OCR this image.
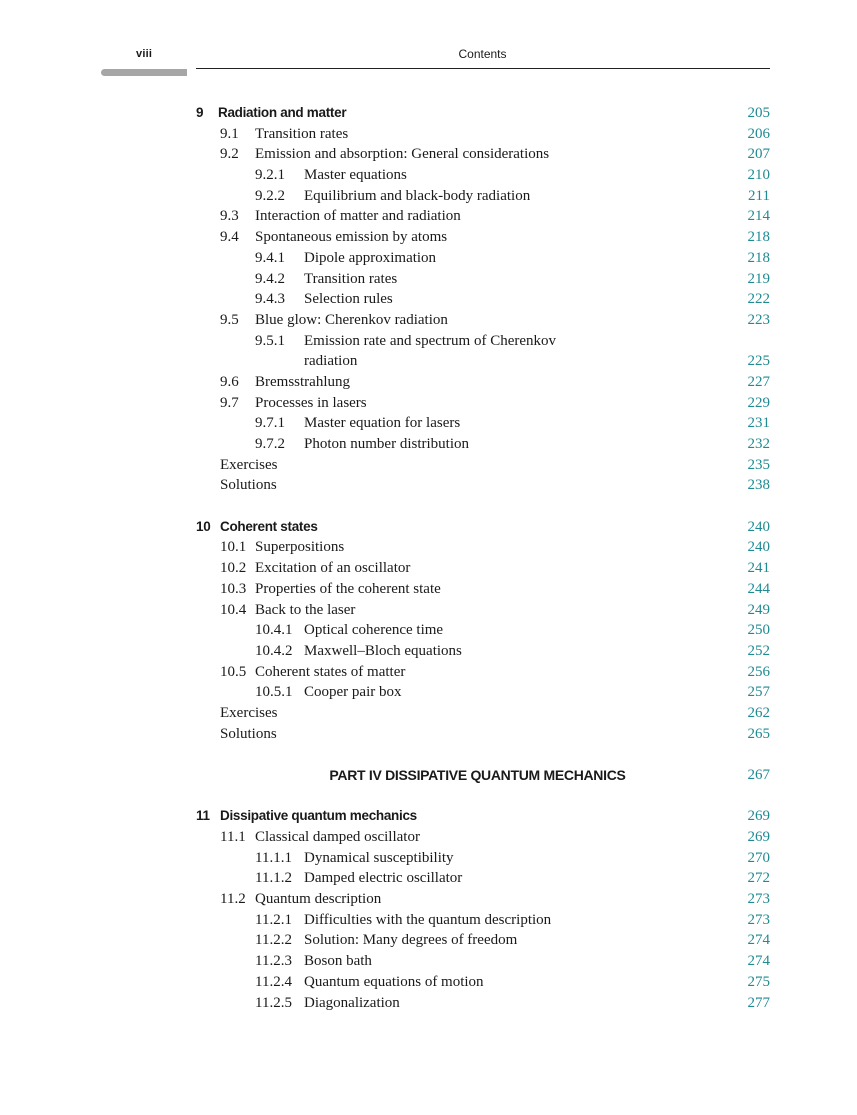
viii	Contents
9 Radiation and matter	205
9.1 Transition rates	206
9.2 Emission and absorption: General considerations	207
9.2.1 Master equations	210
9.2.2 Equilibrium and black-body radiation	211
9.3 Interaction of matter and radiation	214
9.4 Spontaneous emission by atoms	218
9.4.1 Dipole approximation	218
9.4.2 Transition rates	219
9.4.3 Selection rules	222
9.5 Blue glow: Cherenkov radiation	223
9.5.1 Emission rate and spectrum of Cherenkov
radiation	225
9.6 Bremsstrahlung	227
9.7 Processes in lasers	229
9.7.1 Master equation for lasers	231
9.7.2 Photon number distribution	232
Exercises	235
Solutions	238
10 Coherent states	240
10.1 Superpositions	240
10.2 Excitation of an oscillator	241
10.3 Properties of the coherent state	244
10.4 Back to the laser	249
10.4.1 Optical coherence time	250
10.4.2 Maxwell–Bloch equations	252
10.5 Coherent states of matter	256
10.5.1 Cooper pair box	257
Exercises	262
Solutions	265
PART IV DISSIPATIVE QUANTUM MECHANICS	267
11 Dissipative quantum mechanics	269
11.1 Classical damped oscillator	269
11.1.1 Dynamical susceptibility	270
11.1.2 Damped electric oscillator	272
11.2 Quantum description	273
11.2.1 Difficulties with the quantum description	273
11.2.2 Solution: Many degrees of freedom	274
11.2.3 Boson bath	274
11.2.4 Quantum equations of motion	275
11.2.5 Diagonalization	277
